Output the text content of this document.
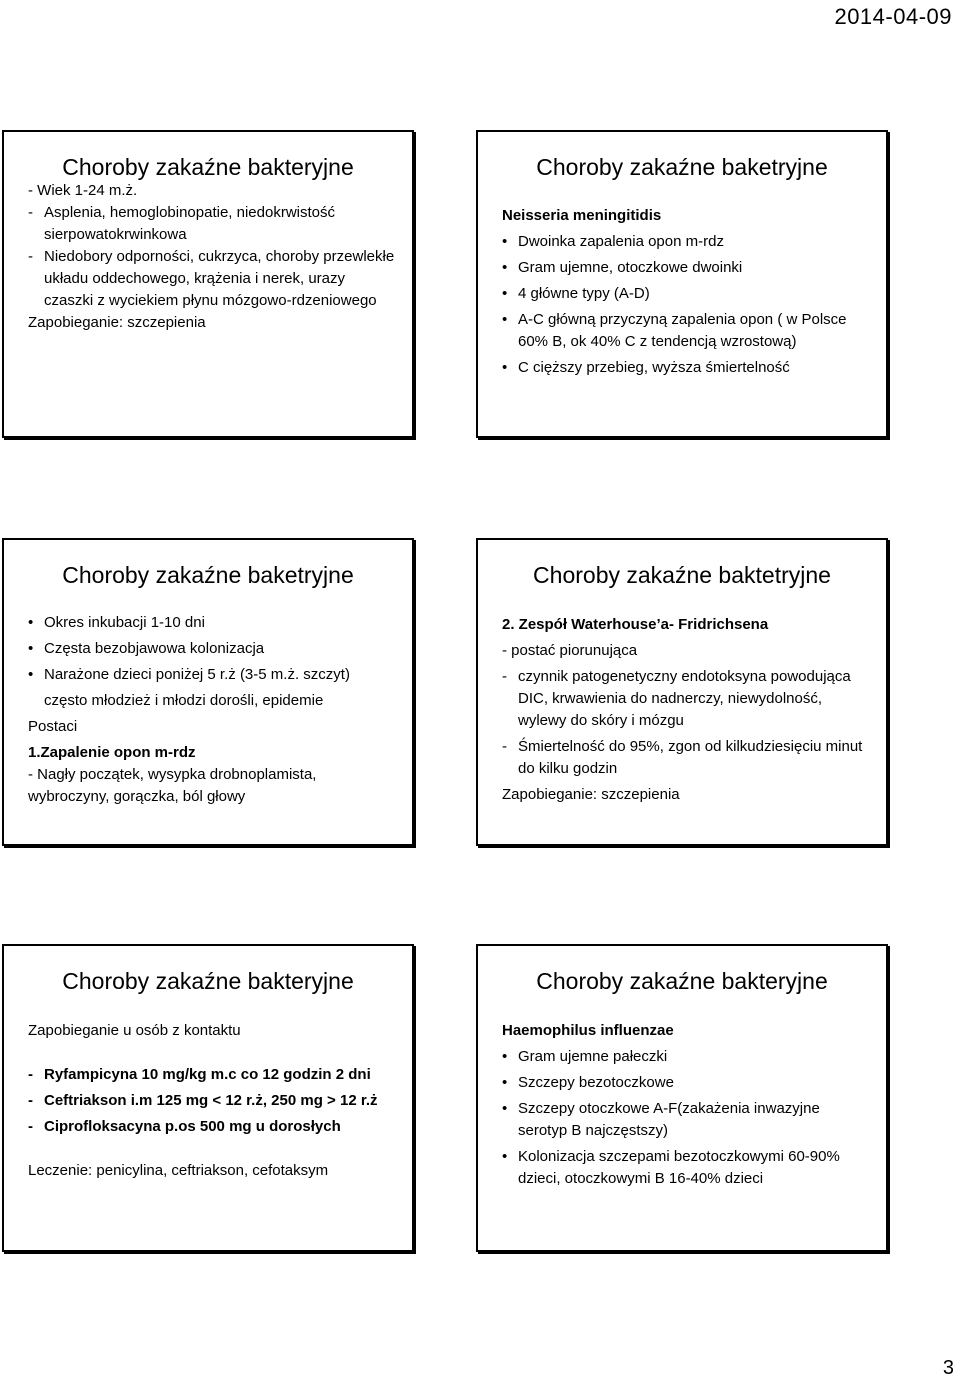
2014-04-09
Choroby zakaźne bakteryjne
- Wiek 1-24 m.ż.
- Asplenia, hemoglobinopatie, niedokrwistość sierpowatokrwinkowa
- Niedobory odporności, cukrzyca, choroby przewlekłe układu oddechowego, krążenia i nerek, urazy czaszki z wyciekiem płynu mózgowo-rdzeniowego
Zapobieganie: szczepienia
Choroby zakaźne baketryjne
Neisseria meningitidis
• Dwoinka zapalenia opon m-rdz
• Gram ujemne, otoczkowe dwoinki
• 4 główne typy (A-D)
• A-C główną przyczyną zapalenia opon ( w Polsce 60% B, ok 40% C z tendencją wzrostową)
• C cięższy przebieg, wyższa śmiertelność
Choroby zakaźne baketryjne
• Okres inkubacji 1-10 dni
• Częsta bezobjawowa kolonizacja
• Narażone dzieci poniżej 5 r.ż (3-5 m.ż. szczyt)
często młodzież i młodzi dorośli, epidemie
Postaci
1.Zapalenie opon m-rdz
- Nagły początek, wysypka drobnoplamista, wybroczyny, gorączka, ból głowy
Choroby zakaźne baktetryjne
2. Zespół Waterhouse’a- Fridrichsena
- postać piorunująca
- czynnik patogenetyczny endotoksyna powodująca DIC, krwawienia do nadnerczy, niewydolność, wylewy do skóry i mózgu
- Śmiertelność do 95%, zgon od kilkudziesięciu minut do kilku godzin
Zapobieganie: szczepienia
Choroby zakaźne bakteryjne
Zapobieganie u osób z kontaktu
- Ryfampicyna 10 mg/kg m.c co 12 godzin 2 dni
- Ceftriakson i.m 125 mg < 12 r.ż, 250 mg > 12 r.ż
- Ciprofloksacyna p.os 500 mg u dorosłych
Leczenie: penicylina, ceftriakson, cefotaksym
Choroby zakaźne bakteryjne
Haemophilus influenzae
• Gram ujemne pałeczki
• Szczepy bezotoczkowe
• Szczepy otoczkowe A-F(zakażenia inwazyjne serotyp B najczęstszy)
• Kolonizacja szczepami bezotoczkowymi 60-90% dzieci, otoczkowymi B 16-40% dzieci
3
